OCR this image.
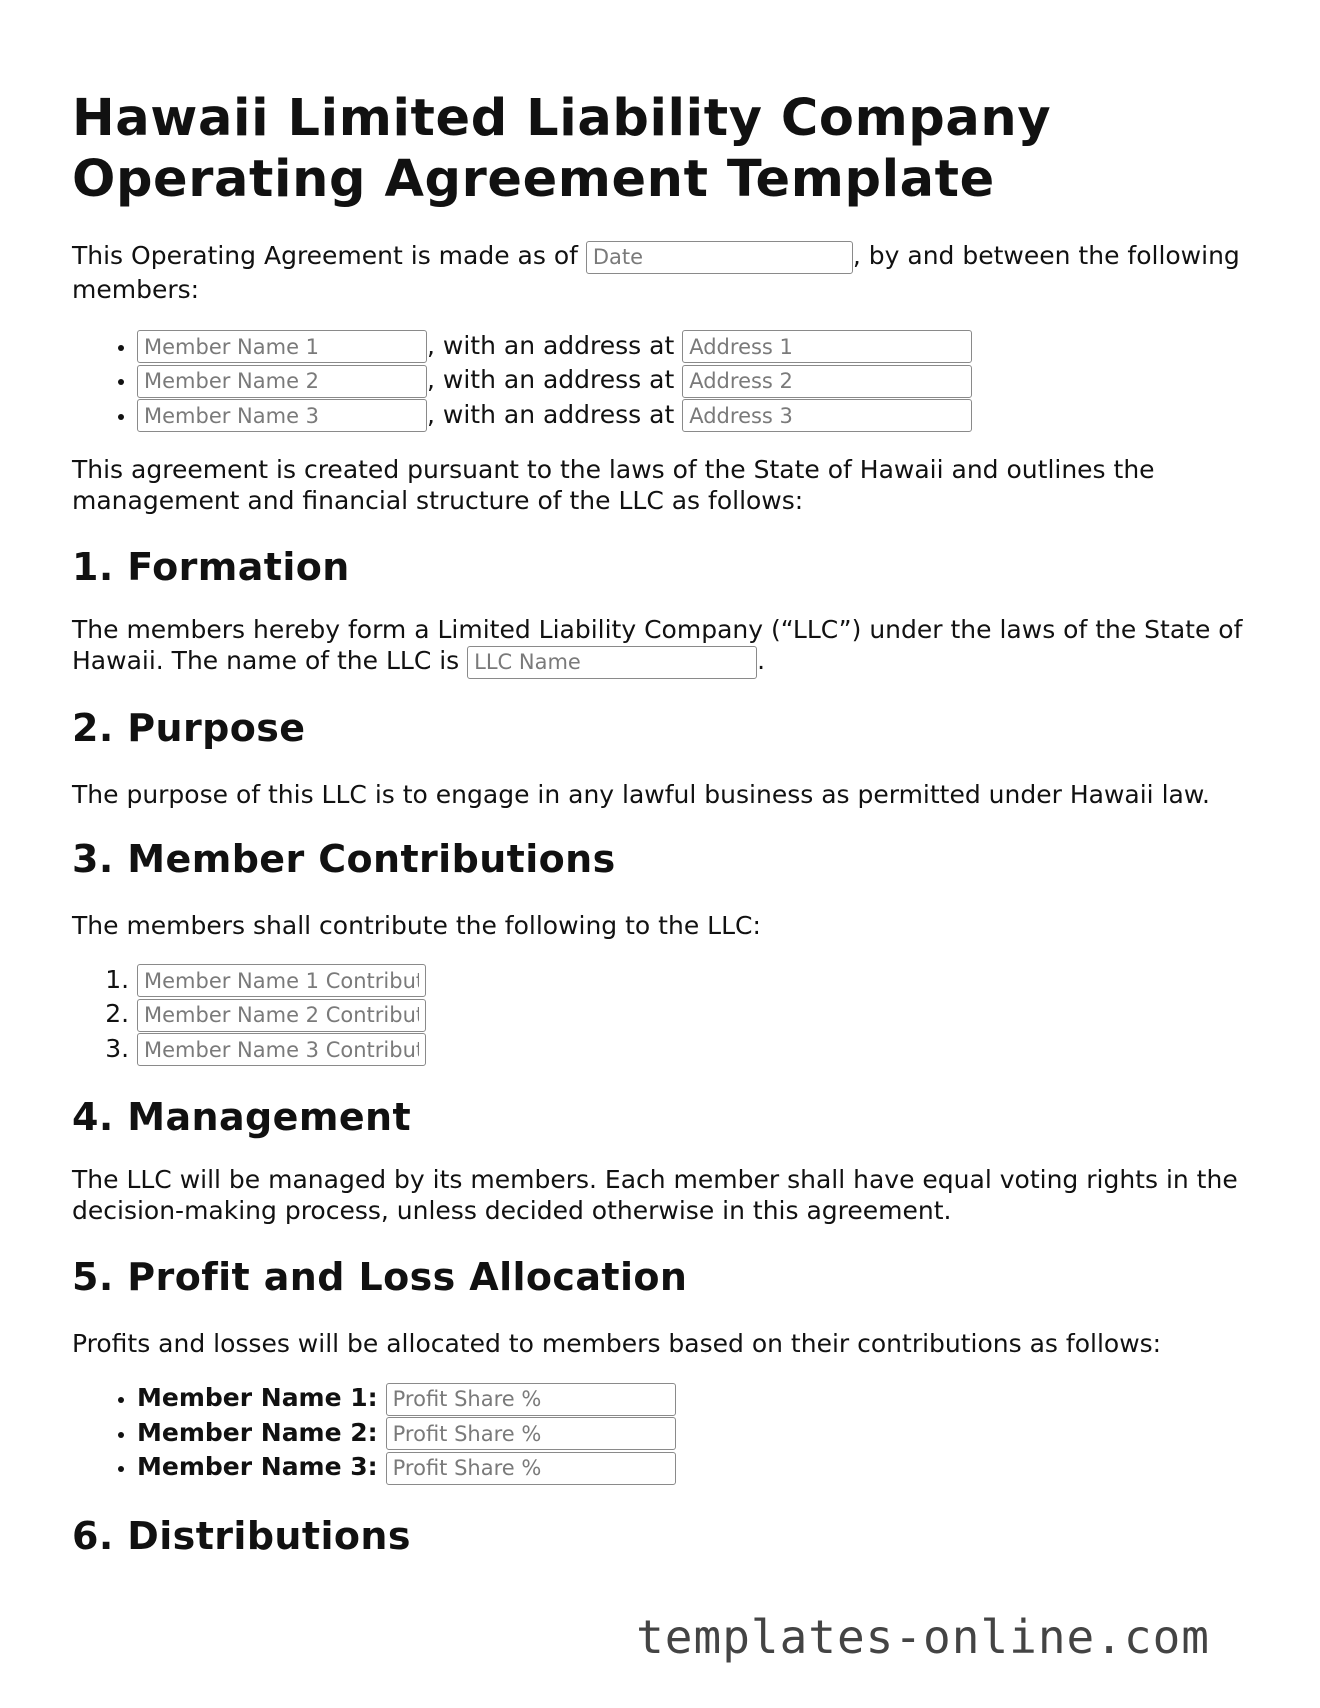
Hawaii Limited Liability Company Operating Agreement Template

This Operating Agreement is made as of Date	, by and between the following members:

Member Name 1 • , with an address at Address 1
Member Name 2 • , with an address at Address 2
Member Name 3 • , with an address at Address 3

This agreement is created pursuant to the laws of the State of Hawaii and outlines the management and financial structure of the LLC as follows:

1. Formation

The members hereby form a Limited Liability Company (“LLC”) under the laws of the State of Hawaii. The name of the LLC is LLC Name	.

2. Purpose

The purpose of this LLC is to engage in any lawful business as permitted under Hawaii law.

3. Member Contributions

The members shall contribute the following to the LLC:

1. Member Name 1 Contribution
2. Member Name 2 Contribution
3. Member Name 3 Contribution
4. Management

The LLC will be managed by its members. Each member shall have equal voting rights in the decision-making process, unless decided otherwise in this agreement.

5. Profit and Loss Allocation

Profits and losses will be allocated to members based on their contributions as follows:

• Member Name 1: Profit Share %
• Member Name 2: Profit Share %
• Member Name 3: Profit Share %
6. Distributions
templates-online.com
